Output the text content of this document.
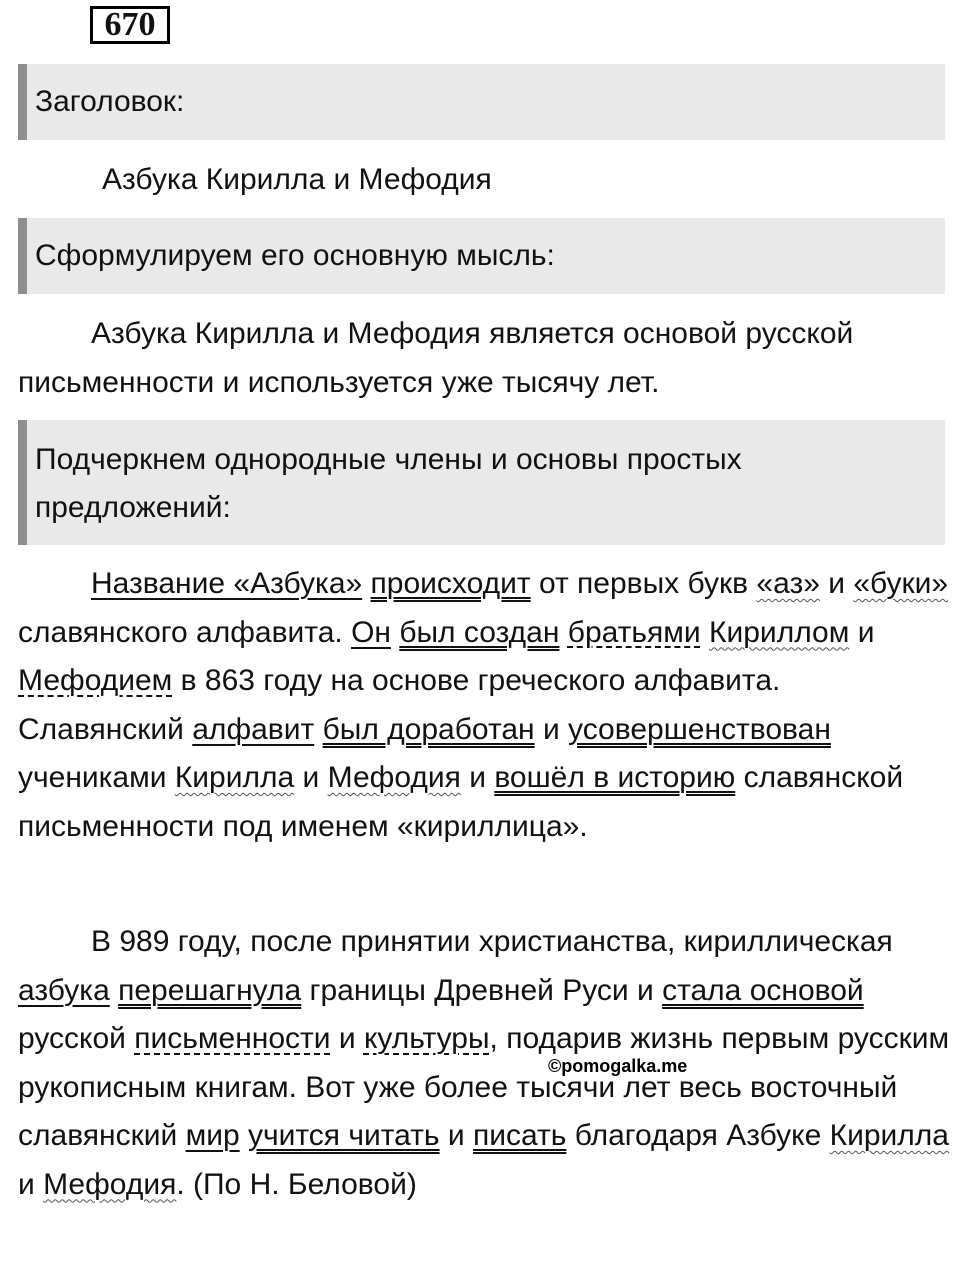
670
Заголовок:
Азбука Кирилла и Мефодия
Сформулируем его основную мысль:
Азбука Кирилла и Мефодия является основой русской письменности и используется уже тысячу лет.
Подчеркнем однородные члены и основы простых предложений:
Название «Азбука» происходит от первых букв «аз» и «буки» славянского алфавита. Он был создан братьями Кириллом и Мефодием в 863 году на основе греческого алфавита. Славянский алфавит был доработан и усовершенствован учениками Кирилла и Мефодия и вошёл в историю славянской письменности под именем «кириллица».
В 989 году, после принятии христианства, кириллическая азбука перешагнула границы Древней Руси и стала основой русской письменности и культуры, подарив жизнь первым русским рукописным книгам. Вот уже более тысячи лет весь восточный славянский мир учится читать и писать благодаря Азбуке Кирилла и Мефодия. (По Н. Беловой)
©pomogalka.me
